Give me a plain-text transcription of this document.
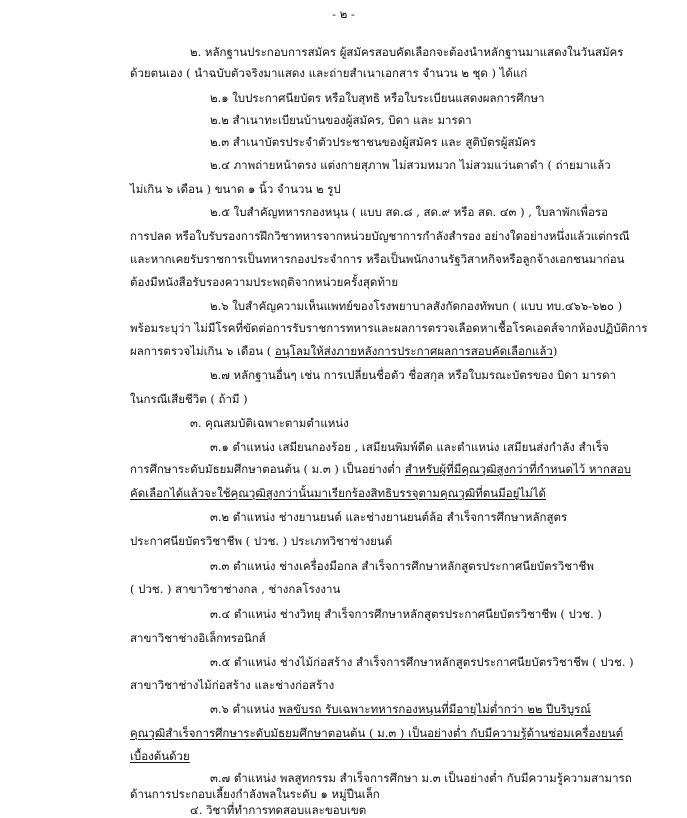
- ๒ -
๒. หลักฐานประกอบการสมัคร ผู้สมัครสอบคัดเลือกจะต้องนำหลักฐานมาแสดงในวันสมัคร
ด้วยตนเอง ( นำฉบับตัวจริงมาแสดง และถ่ายสำเนาเอกสาร จำนวน ๒ ชุด ) ได้แก่
๒.๑ ใบประกาศนียบัตร หรือใบสุทธิ หรือใบระเบียนแสดงผลการศึกษา
๒.๒ สำเนาทะเบียนบ้านของผู้สมัคร, บิดา และ มารดา
๒.๓ สำเนาบัตรประจำตัวประชาชนของผู้สมัคร และ สูติบัตรผู้สมัคร
๒.๔ ภาพถ่ายหน้าตรง แต่งกายสุภาพ ไม่สวมหมวก ไม่สวมแว่นตาดำ ( ถ่ายมาแล้ว
ไม่เกิน ๖ เดือน ) ขนาด ๑ นิ้ว จำนวน ๒ รูป
๒.๕ ใบสำคัญทหารกองหนุน ( แบบ สด.๘ , สด.๙ หรือ สด. ๔๓ ) , ใบลาพักเพื่อรอ
การปลด หรือใบรับรองการฝึกวิชาทหารจากหน่วยบัญชาการกำลังสำรอง อย่างใดอย่างหนึ่งแล้วแต่กรณี
และหากเคยรับราชการเป็นทหารกองประจำการ หรือเป็นพนักงานรัฐวิสาหกิจหรือลูกจ้างเอกชนมาก่อน
ต้องมีหนังสือรับรองความประพฤติจากหน่วยครั้งสุดท้าย
๒.๖ ใบสำคัญความเห็นแพทย์ของโรงพยาบาลสังกัดกองทัพบก ( แบบ ทบ.๔๖๖-๖๒๐ )
พร้อมระบุว่า ไม่มีโรคที่ขัดต่อการรับราชการทหารและผลการตรวจเลือดหาเชื้อโรคเอดส์จากห้องปฏิบัติการ
ผลการตรวจไม่เกิน ๖ เดือน ( อนุโลมให้ส่งภายหลังการประกาศผลการสอบคัดเลือกแล้ว)
๒.๗ หลักฐานอื่นๆ เช่น การเปลี่ยนชื่อตัว ชื่อสกุล หรือใบมรณะบัตรของ บิดา มารดา
ในกรณีเสียชีวิต ( ถ้ามี )
๓. คุณสมบัติเฉพาะตามตำแหน่ง
๓.๑ ตำแหน่ง เสมียนกองร้อย , เสมียนพิมพ์ดีด และตำแหน่ง เสมียนส่งกำลัง สำเร็จ
การศึกษาระดับมัธยมศึกษาตอนต้น ( ม.๓ ) เป็นอย่างต่ำ สำหรับผู้ที่มีคุณวุฒิสูงกว่าที่กำหนดไว้ หากสอบ
คัดเลือกได้แล้วจะใช้คุณวุฒิสูงกว่านั้นมาเรียกร้องสิทธิบรรจุตามคุณวุฒิที่ตนมีอยู่ไม่ได้
๓.๒ ตำแหน่ง ช่างยานยนต์ และช่างยานยนต์ล้อ สำเร็จการศึกษาหลักสูตร
ประกาศนียบัตรวิชาชีพ ( ปวช. ) ประเภทวิชาช่างยนต์
๓.๓ ตำแหน่ง ช่างเครื่องมือกล สำเร็จการศึกษาหลักสูตรประกาศนียบัตรวิชาชีพ
( ปวช. ) สาขาวิชาช่างกล , ช่างกลโรงงาน
๓.๔ ตำแหน่ง ช่างวิทยุ สำเร็จการศึกษาหลักสูตรประกาศนียบัตรวิชาชีพ ( ปวช. )
สาขาวิชาช่างอิเล็กทรอนิกส์
๓.๕ ตำแหน่ง ช่างไม้ก่อสร้าง สำเร็จการศึกษาหลักสูตรประกาศนียบัตรวิชาชีพ ( ปวช. )
สาขาวิชาช่างไม้ก่อสร้าง และช่างก่อสร้าง
๓.๖ ตำแหน่ง พลขับรถ รับเฉพาะทหารกองหนุนที่มีอายุไม่ต่ำกว่า ๒๒ ปีบริบูรณ์
คุณวุฒิสำเร็จการศึกษาระดับมัธยมศึกษาตอนต้น ( ม.๓ ) เป็นอย่างต่ำ กับมีความรู้ด้านซ่อมเครื่องยนต์
เบื้องต้นด้วย
๓.๗ ตำแหน่ง พลสูทกรรม สำเร็จการศึกษา ม.๓ เป็นอย่างต่ำ กับมีความรู้ความสามารถ
ด้านการประกอบเลี้ยงกำลังพลในระดับ ๑ หมู่ปืนเล็ก
๔. วิชาที่ทำการทดสอบและขอบเขต
